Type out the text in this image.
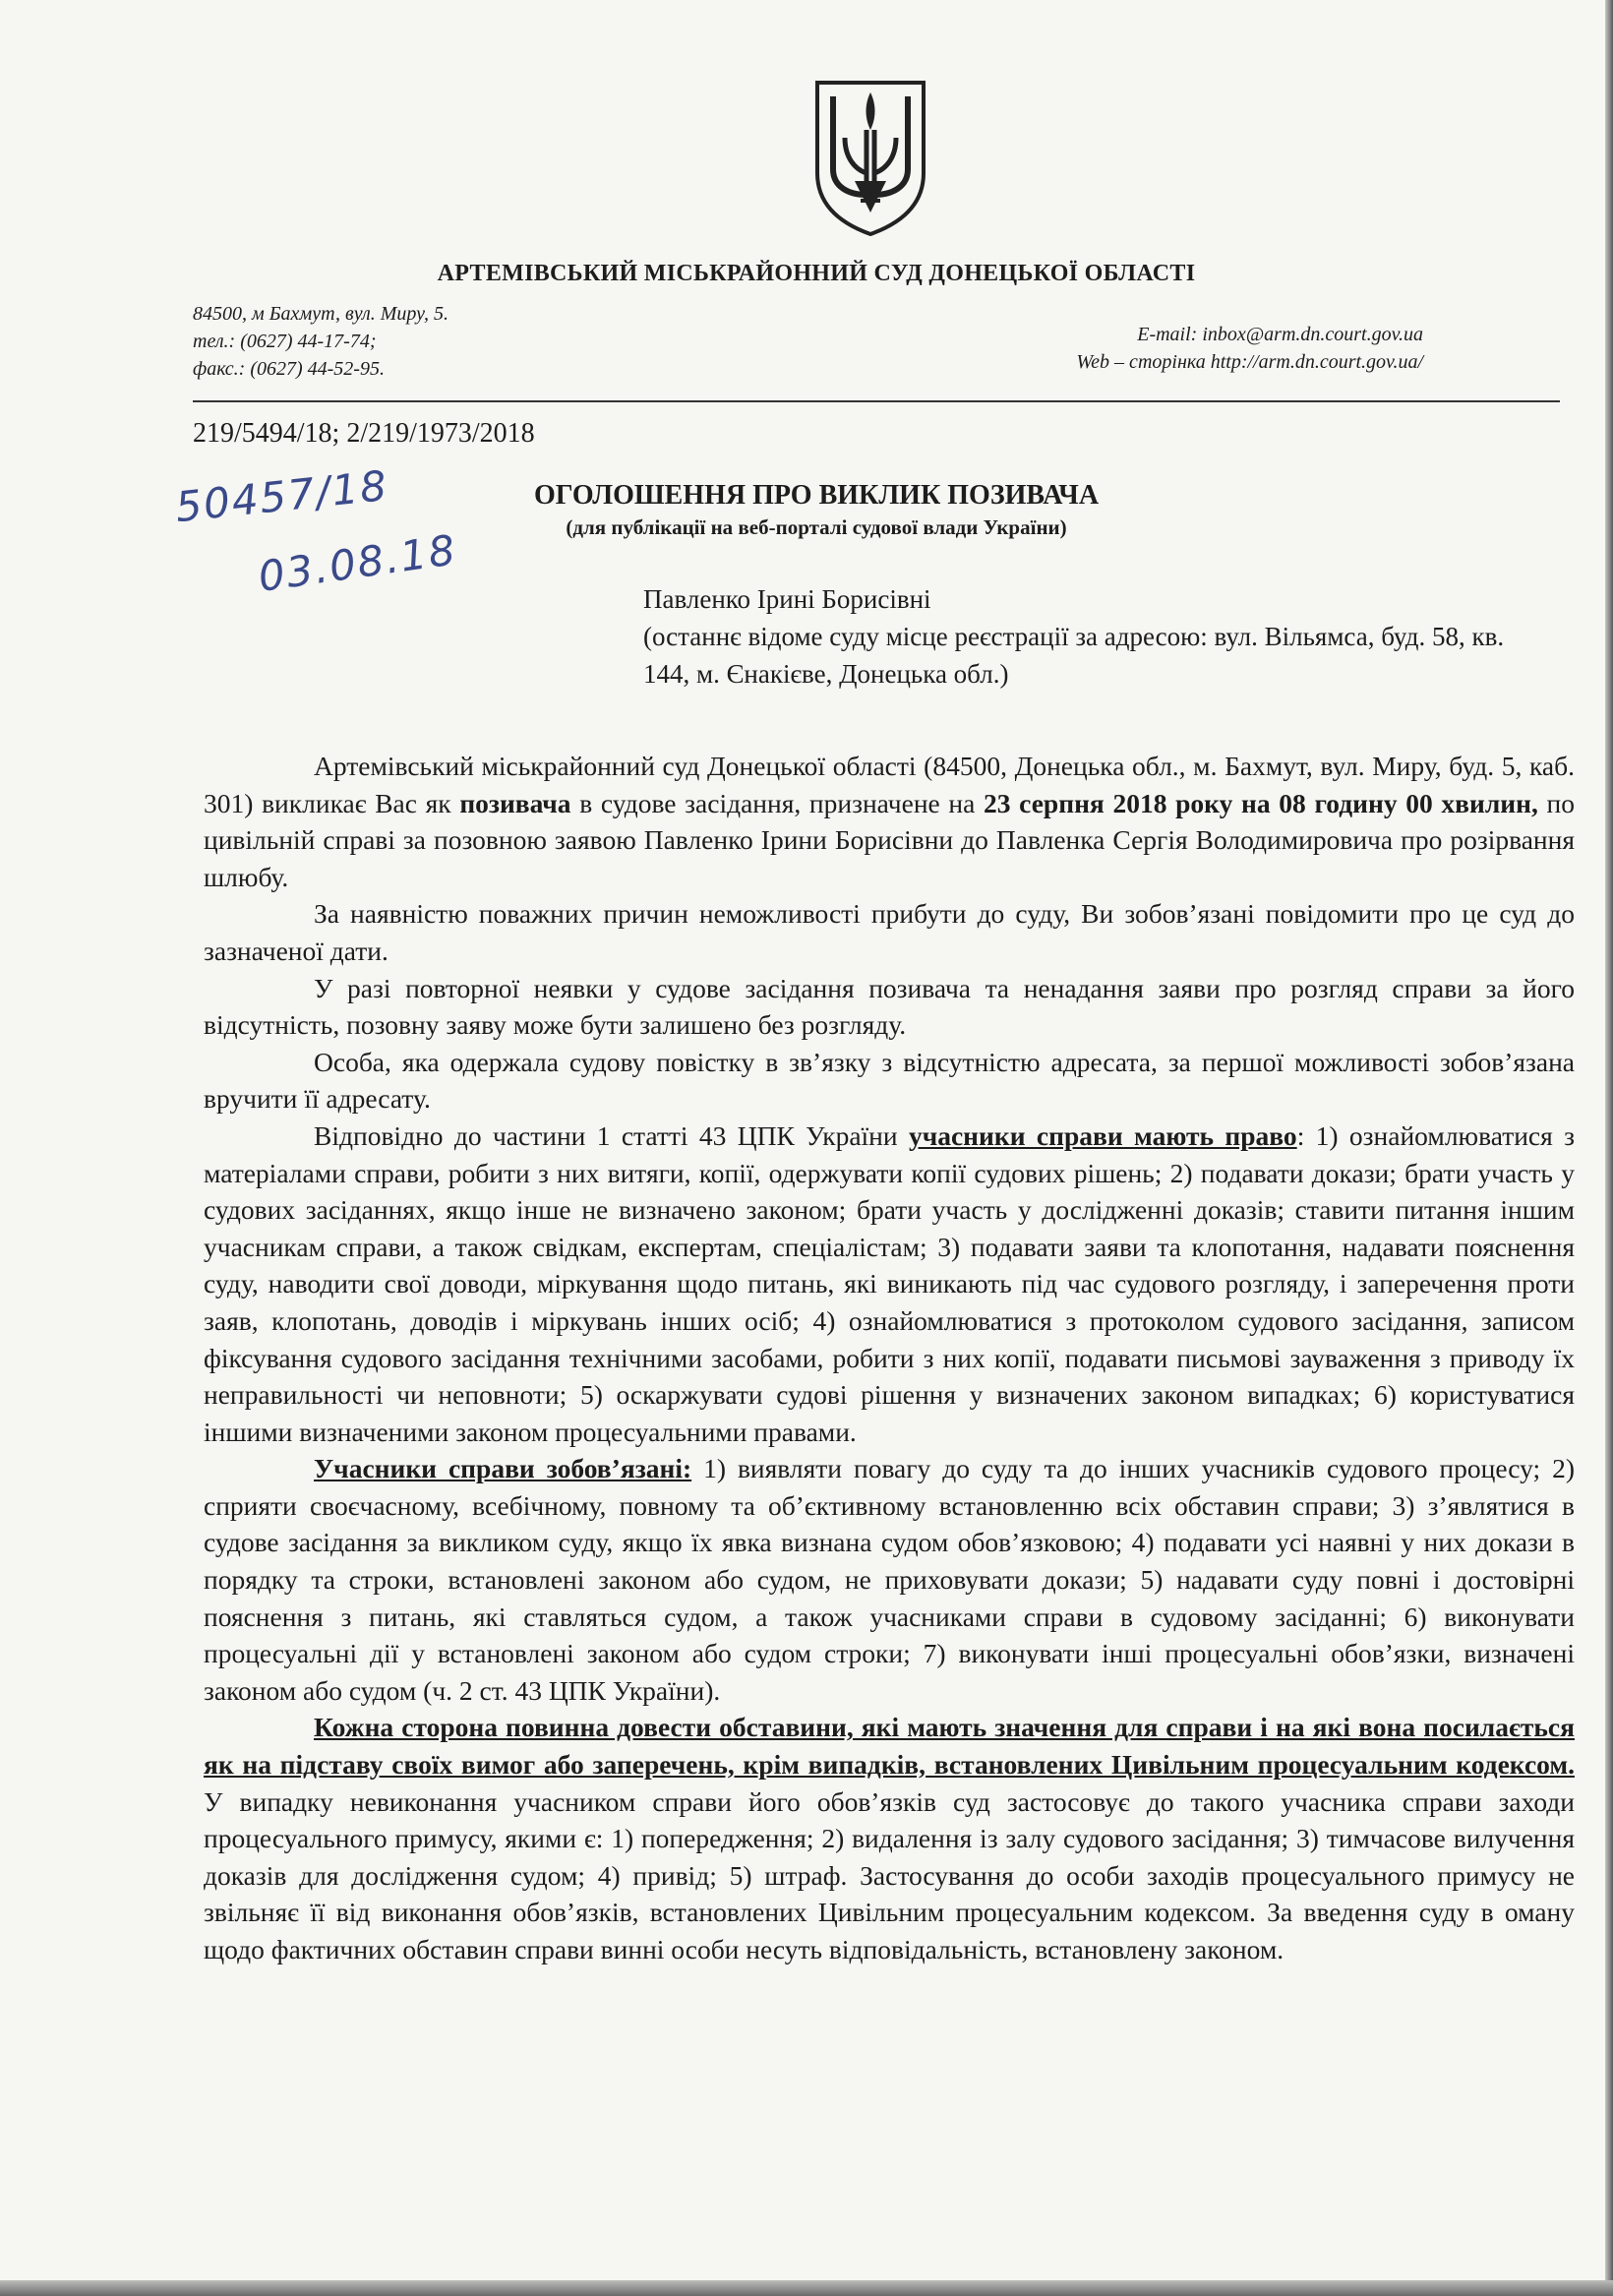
АРТЕМІВСЬКИЙ МІСЬКРАЙОННИЙ СУД ДОНЕЦЬКОЇ ОБЛАСТІ
84500, м Бахмут, вул. Миру, 5.
тел.: (0627) 44-17-74;
факс.: (0627) 44-52-95.
E-mail: inbox@arm.dn.court.gov.ua
Web – сторінка http://arm.dn.court.gov.ua/
219/5494/18; 2/219/1973/2018
50457/18
03.08.18
ОГОЛОШЕННЯ ПРО ВИКЛИК ПОЗИВАЧА
(для публікації на веб-порталі судової влади України)
Павленко Ірині Борисівні
(останнє відоме суду місце реєстрації за адресою: вул. Вільямса, буд. 58, кв. 144, м. Єнакієве, Донецька обл.)

Артемівський міськрайонний суд Донецької області (84500, Донецька обл., м. Бахмут, вул. Миру, буд. 5, каб. 301) викликає Вас як позивача в судове засідання, призначене на 23 серпня 2018 року на 08 годину 00 хвилин, по цивільній справі за позовною заявою Павленко Ірини Борисівни до Павленка Сергія Володимировича про розірвання шлюбу.

За наявністю поважних причин неможливості прибути до суду, Ви зобов’язані повідомити про це суд до зазначеної дати.

У разі повторної неявки у судове засідання позивача та ненадання заяви про розгляд справи за його відсутність, позовну заяву може бути залишено без розгляду.

Особа, яка одержала судову повістку в зв’язку з відсутністю адресата, за першої можливості зобов’язана вручити її адресату.

Відповідно до частини 1 статті 43 ЦПК України учасники справи мають право: 1) ознайомлюватися з матеріалами справи, робити з них витяги, копії, одержувати копії судових рішень; 2) подавати докази; брати участь у судових засіданнях, якщо інше не визначено законом; брати участь у дослідженні доказів; ставити питання іншим учасникам справи, а також свідкам, експертам, спеціалістам; 3) подавати заяви та клопотання, надавати пояснення суду, наводити свої доводи, міркування щодо питань, які виникають під час судового розгляду, і заперечення проти заяв, клопотань, доводів і міркувань інших осіб; 4) ознайомлюватися з протоколом судового засідання, записом фіксування судового засідання технічними засобами, робити з них копії, подавати письмові зауваження з приводу їх неправильності чи неповноти; 5) оскаржувати судові рішення у визначених законом випадках; 6) користуватися іншими визначеними законом процесуальними правами.

Учасники справи зобов’язані: 1) виявляти повагу до суду та до інших учасників судового процесу; 2) сприяти своєчасному, всебічному, повному та об’єктивному встановленню всіх обставин справи; 3) з’являтися в судове засідання за викликом суду, якщо їх явка визнана судом обов’язковою; 4) подавати усі наявні у них докази в порядку та строки, встановлені законом або судом, не приховувати докази; 5) надавати суду повні і достовірні пояснення з питань, які ставляться судом, а також учасниками справи в судовому засіданні; 6) виконувати процесуальні дії у встановлені законом або судом строки; 7) виконувати інші процесуальні обов’язки, визначені законом або судом (ч. 2 ст. 43 ЦПК України).

Кожна сторона повинна довести обставини, які мають значення для справи і на які вона посилається як на підставу своїх вимог або заперечень, крім випадків, встановлених Цивільним процесуальним кодексом. У випадку невиконання учасником справи його обов’язків суд застосовує до такого учасника справи заходи процесуального примусу, якими є: 1) попередження; 2) видалення із залу судового засідання; 3) тимчасове вилучення доказів для дослідження судом; 4) привід; 5) штраф. Застосування до особи заходів процесуального примусу не звільняє її від виконання обов’язків, встановлених Цивільним процесуальним кодексом. За введення суду в оману щодо фактичних обставин справи винні особи несуть відповідальність, встановлену законом.
